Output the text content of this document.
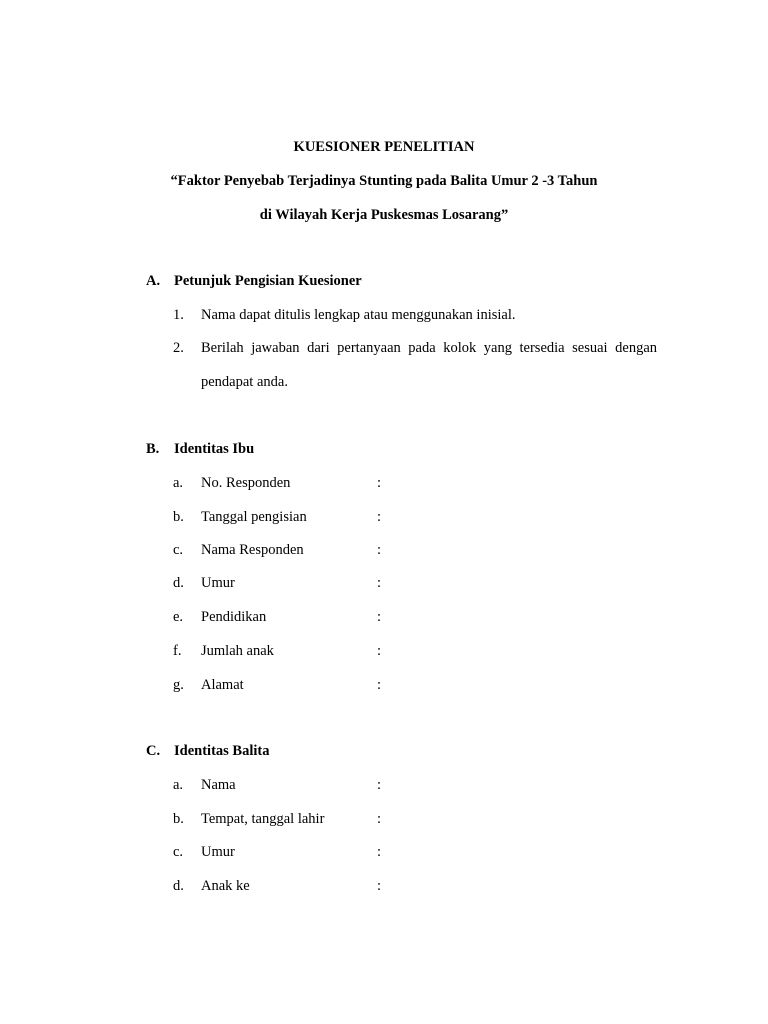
KUESIONER PENELITIAN
“Faktor Penyebab Terjadinya Stunting pada Balita Umur 2 -3 Tahun
di Wilayah Kerja Puskesmas Losarang”
A. Petunjuk Pengisian Kuesioner
1. Nama dapat ditulis lengkap atau menggunakan inisial.
2. Berilah jawaban dari pertanyaan pada kolok yang tersedia sesuai dengan
pendapat anda.
B. Identitas Ibu
a. No. Responden	:
b. Tanggal pengisian	:
c. Nama Responden	:
d. Umur	:
e. Pendidikan	:
f. Jumlah anak	:
g. Alamat	:
C. Identitas Balita
a. Nama	:
b. Tempat, tanggal lahir	:
c. Umur	:
d. Anak ke	:
